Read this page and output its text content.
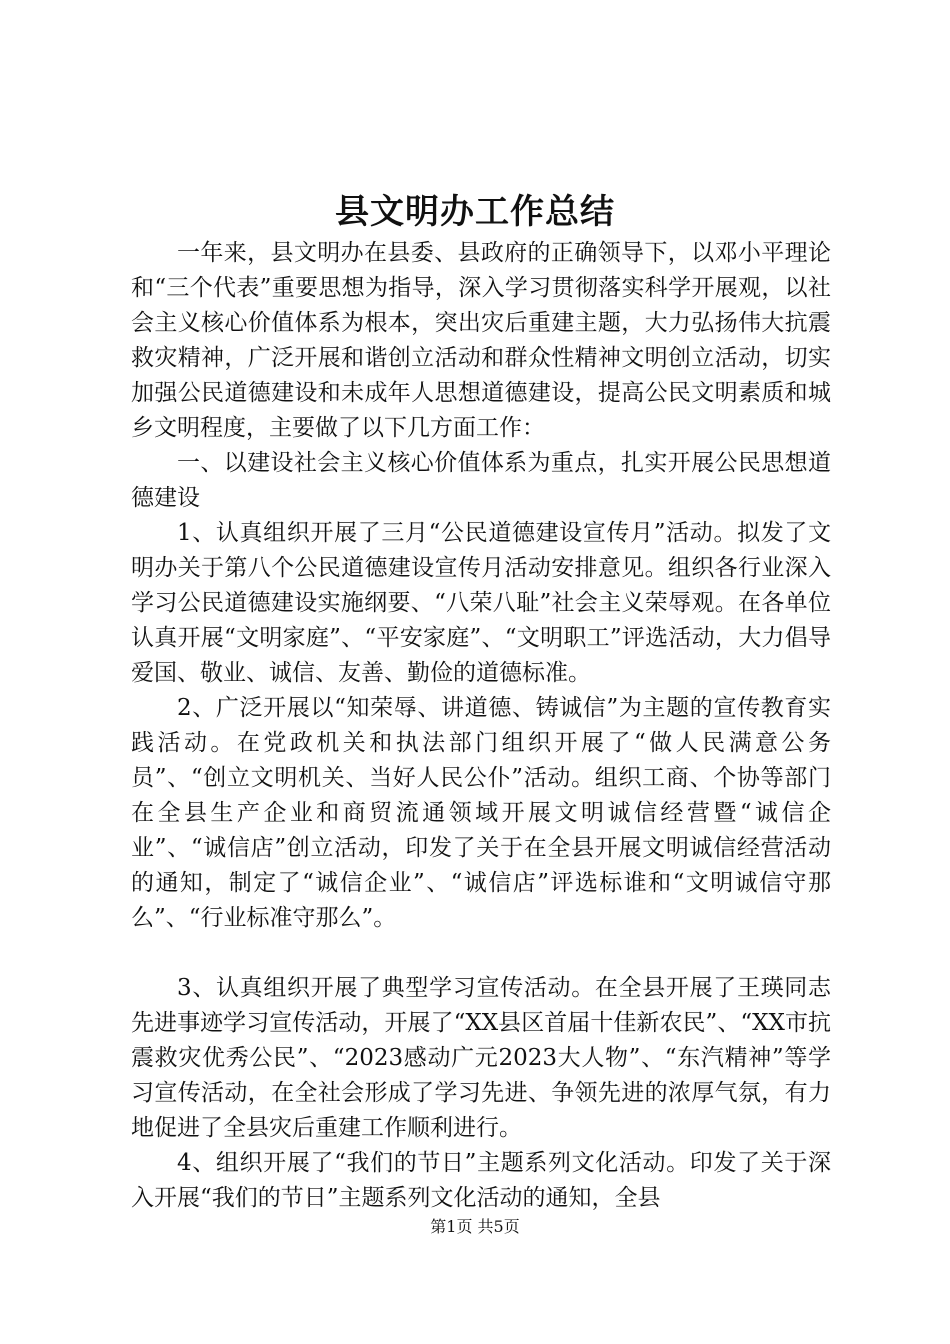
县文明办工作总结

一年来，县文明办在县委、县政府的正确领导下，以邓小平理论和“三个代表”重要思想为指导，深入学习贯彻落实科学开展观，以社会主义核心价值体系为根本，突出灾后重建主题，大力弘扬伟大抗震救灾精神，广泛开展和谐创立活动和群众性精神文明创立活动，切实加强公民道德建设和未成年人思想道德建设，提高公民文明素质和城乡文明程度，主要做了以下几方面工作：

一、以建设社会主义核心价值体系为重点，扎实开展公民思想道德建设

1、认真组织开展了三月“公民道德建设宣传月”活动。拟发了文明办关于第八个公民道德建设宣传月活动安排意见。组织各行业深入学习公民道德建设实施纲要、“八荣八耻”社会主义荣辱观。在各单位认真开展“文明家庭”、“平安家庭”、“文明职工”评选活动，大力倡导爱国、敬业、诚信、友善、勤俭的道德标准。

2、广泛开展以“知荣辱、讲道德、铸诚信”为主题的宣传教育实践活动。在党政机关和执法部门组织开展了“做人民满意公务员”、“创立文明机关、当好人民公仆”活动。组织工商、个协等部门在全县生产企业和商贸流通领域开展文明诚信经营暨“诚信企业”、“诚信店”创立活动，印发了关于在全县开展文明诚信经营活动的通知，制定了“诚信企业”、“诚信店”评选标谁和“文明诚信守那么”、“行业标准守那么”。

3、认真组织开展了典型学习宣传活动。在全县开展了王瑛同志先进事迹学习宣传活动，开展了“XX县区首届十佳新农民”、“XX市抗震救灾优秀公民”、“2023感动广元2023大人物”、“东汽精神”等学习宣传活动，在全社会形成了学习先进、争领先进的浓厚气氛，有力地促进了全县灾后重建工作顺利进行。

4、组织开展了“我们的节日”主题系列文化活动。印发了关于深入开展“我们的节日”主题系列文化活动的通知，全县

第1页 共5页
